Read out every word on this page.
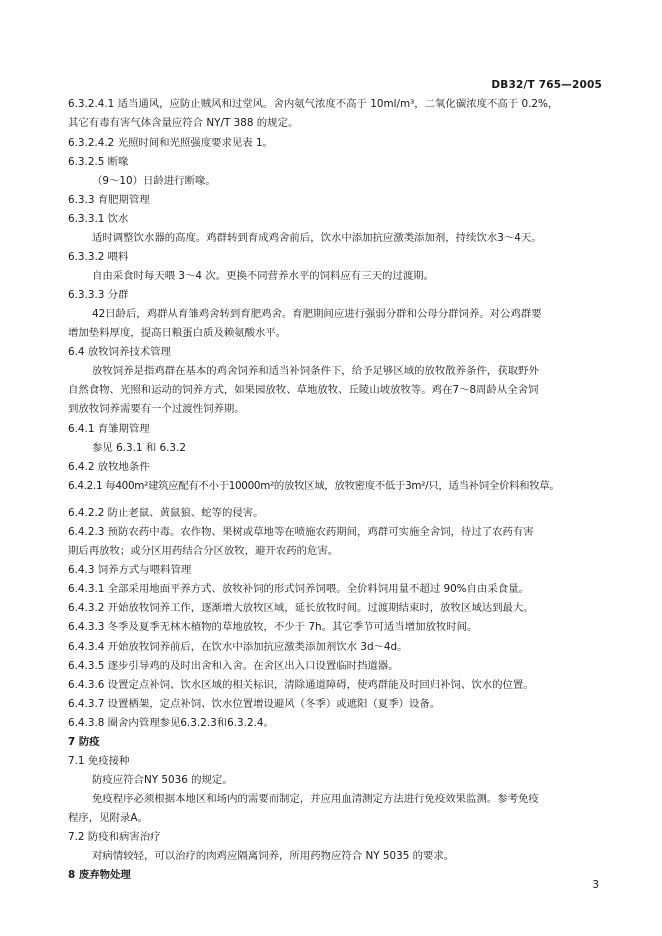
DB32/T 765—2005
6.3.2.4.1 适当通风，应防止贼风和过堂风。舍内氨气浓度不高于 10ml/m³，二氧化碳浓度不高于 0.2%，
其它有毒有害气体含量应符合 NY/T 388 的规定。
6.3.2.4.2 光照时间和光照强度要求见表 1。
6.3.2.5 断喙
（9～10）日龄进行断喙。
6.3.3 育肥期管理
6.3.3.1 饮水
适时调整饮水器的高度。鸡群转到育成鸡舍前后，饮水中添加抗应激类添加剂，持续饮水3～4天。
6.3.3.2 喂料
自由采食时每天喂 3～4 次。更换不同营养水平的饲料应有三天的过渡期。
6.3.3.3 分群
42日龄后，鸡群从育雏鸡舍转到育肥鸡舍。育肥期间应进行强弱分群和公母分群饲养。对公鸡群要
增加垫料厚度，提高日粮蛋白质及赖氨酸水平。
6.4 放牧饲养技术管理
放牧饲养是指鸡群在基本的鸡舍饲养和适当补饲条件下，给予足够区域的放牧散养条件，获取野外
自然食物、光照和运动的饲养方式，如果园放牧、草地放牧、丘陵山坡放牧等。鸡在7～8周龄从全舍饲
到放牧饲养需要有一个过渡性饲养期。
6.4.1 育雏期管理
参见 6.3.1 和 6.3.2
6.4.2 放牧地条件
6.4.2.1 每400m²建筑应配有不小于10000m²的放牧区域，放牧密度不低于3m²/只，适当补饲全价料和牧草。
6.4.2.2 防止老鼠、黄鼠狼、蛇等的侵害。
6.4.2.3 预防农药中毒。农作物、果树或草地等在喷施农药期间，鸡群可实施全舍饲，待过了农药有害
期后再放牧；或分区用药结合分区放牧，避开农药的危害。
6.4.3 饲养方式与喂料管理
6.4.3.1 全部采用地面平养方式、放牧补饲的形式饲养饲喂。全价料饲用量不超过 90%自由采食量。
6.4.3.2 开始放牧饲养工作，逐渐增大放牧区域，延长放牧时间。过渡期结束时，放牧区域达到最大。
6.4.3.3 冬季及夏季无林木植物的草地放牧，不少于 7h。其它季节可适当增加放牧时间。
6.4.3.4 开始放牧饲养前后，在饮水中添加抗应激类添加剂饮水 3d～4d。
6.4.3.5 逐步引导鸡的及时出舍和入舍。在舍区出入口设置临时挡道器。
6.4.3.6 设置定点补饲、饮水区域的相关标识，清除通道障碍，使鸡群能及时回归补饲、饮水的位置。
6.4.3.7 设置栖架，定点补饲、饮水位置增设避风（冬季）或遮阳（夏季）设备。
6.4.3.8 圈舍内管理参见6.3.2.3和6.3.2.4。
7 防疫
7.1 免疫接种
防疫应符合NY 5036 的规定。
免疫程序必须根据本地区和场内的需要而制定，并应用血清测定方法进行免疫效果监测。参考免疫
程序，见附录A。
7.2 防疫和病害治疗
对病情较轻，可以治疗的肉鸡应隔离饲养，所用药物应符合 NY 5035 的要求。
8 废弃物处理
3
